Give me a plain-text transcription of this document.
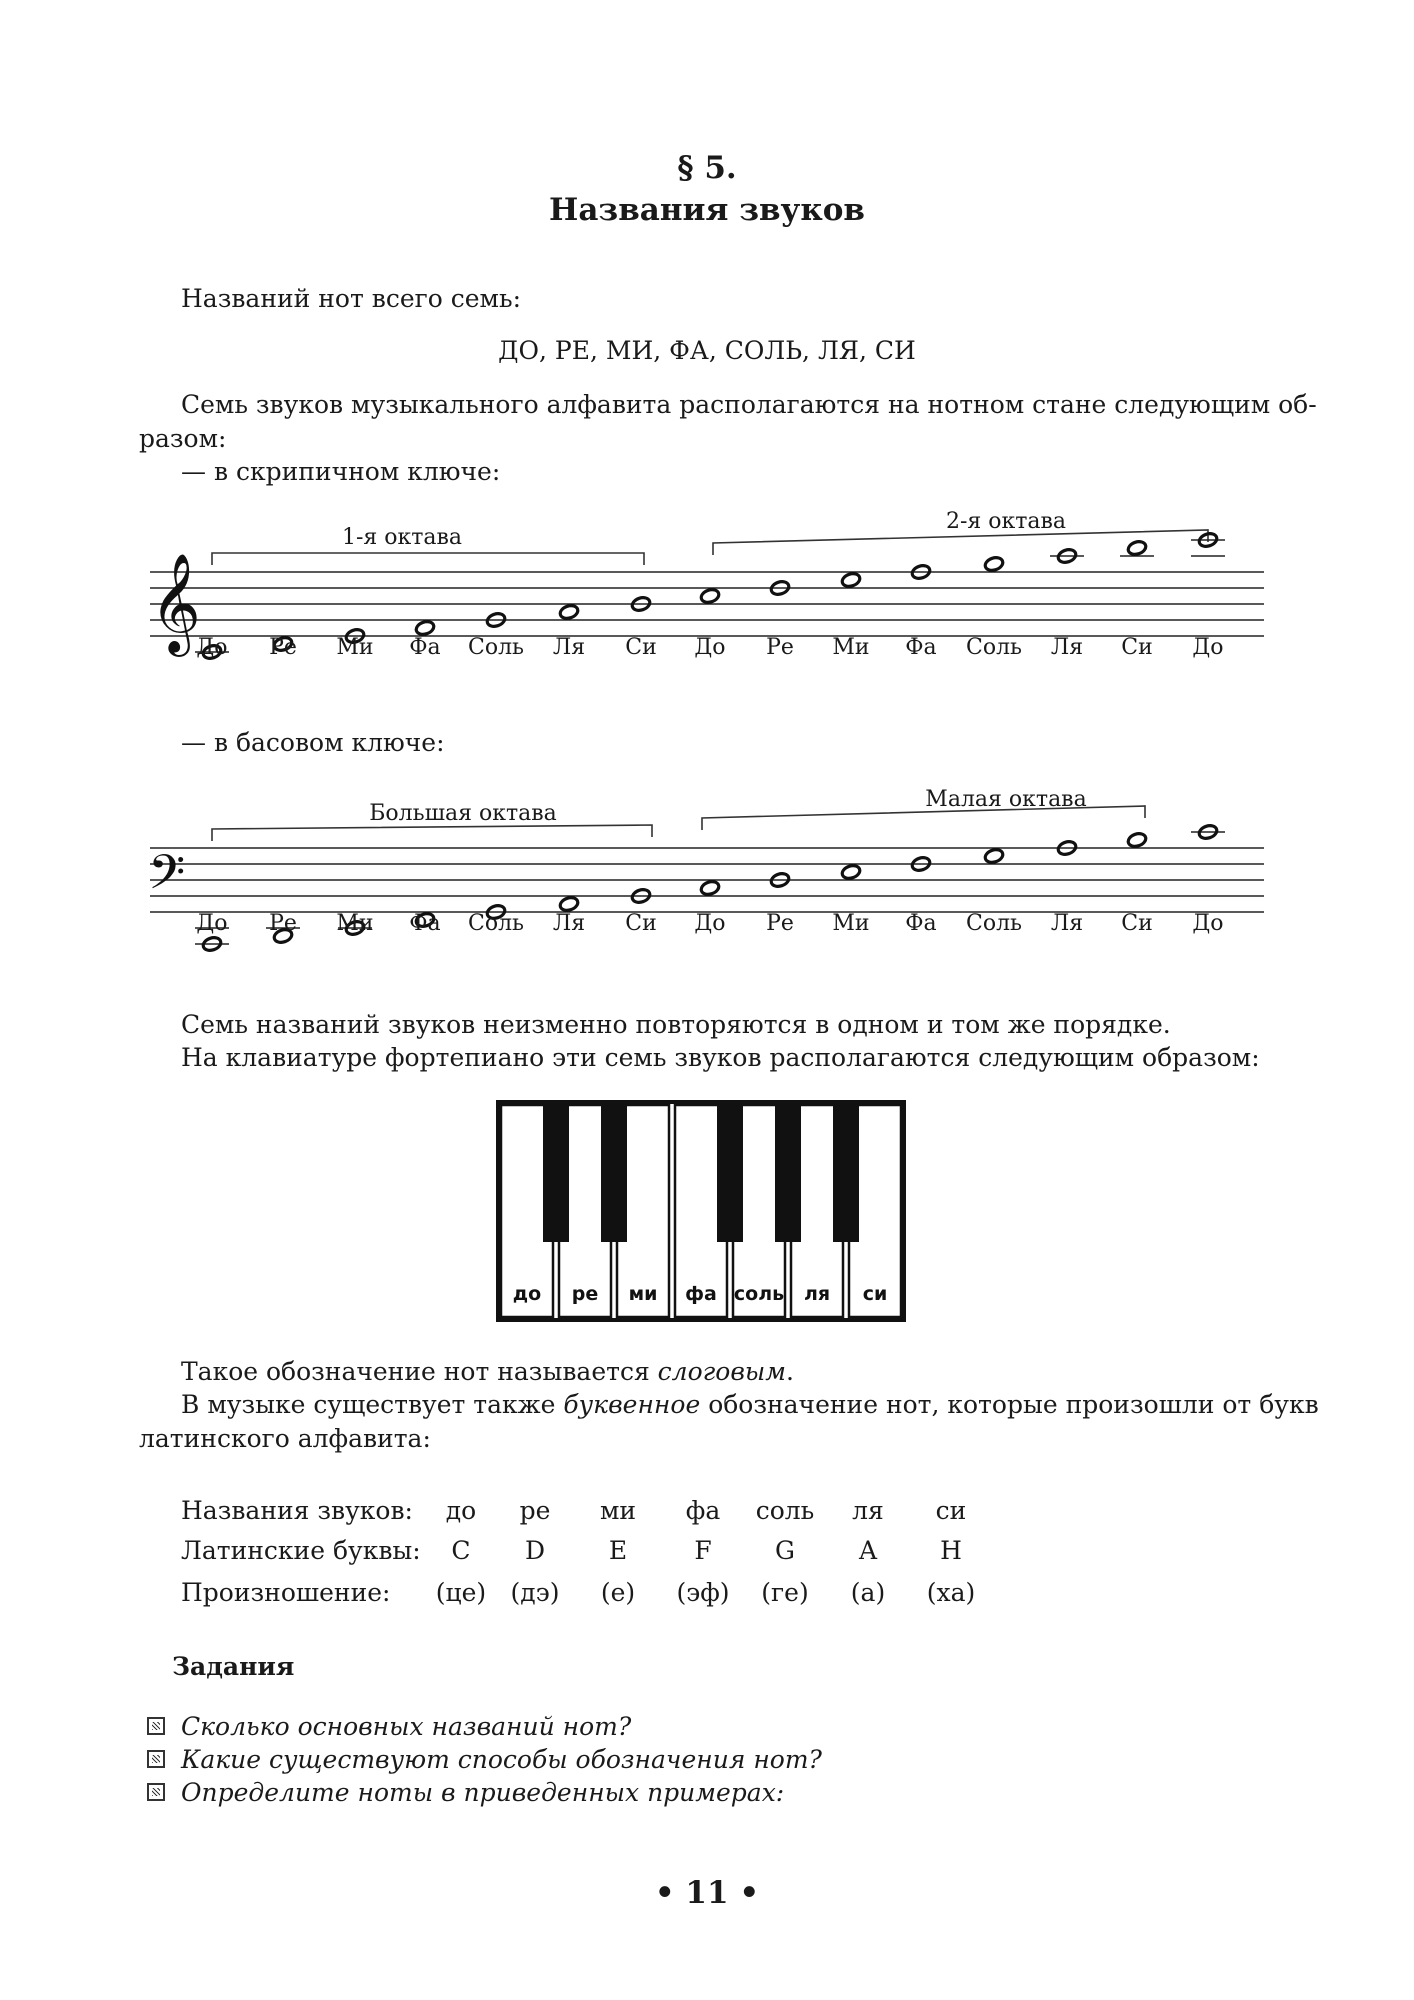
§ 5.

Названия звуков

Названий нот всего семь:

ДО, РЕ, МИ, ФА, СОЛЬ, ЛЯ, СИ

Семь звуков музыкального алфавита располагаются на нотном стане следующим об-

разом:

— в скрипичном ключе:

𝄞
1-я октава
2-я октава
До Ре Ми Фа Соль Ля Си До Ре Ми Фа Соль Ля Си До

— в басовом ключе:

𝄢
Большая октава
Малая октава
До Ре Ми Фа Соль Ля Си До Ре Ми Фа Соль Ля Си До

Семь названий звуков неизменно повторяются в одном и том же порядке.

На клавиатуре фортепиано эти семь звуков располагаются следующим образом:

до ре ми фа соль ля си

Такое обозначение нот называется слоговым.

В музыке существует также буквенное обозначение нот, которые произошли от букв

латинского алфавита:

Названия звуков: до ре ми фа соль ля си
Латинские буквы: C D	E	F	G	A	H
Произношение: (це) (дэ) (е) (эф) (ге) (а) (ха)

Задания

Сколько основных названий нот?

Какие существуют способы обозначения нот?

Определите ноты в приведенных примерах:

• 11 •
